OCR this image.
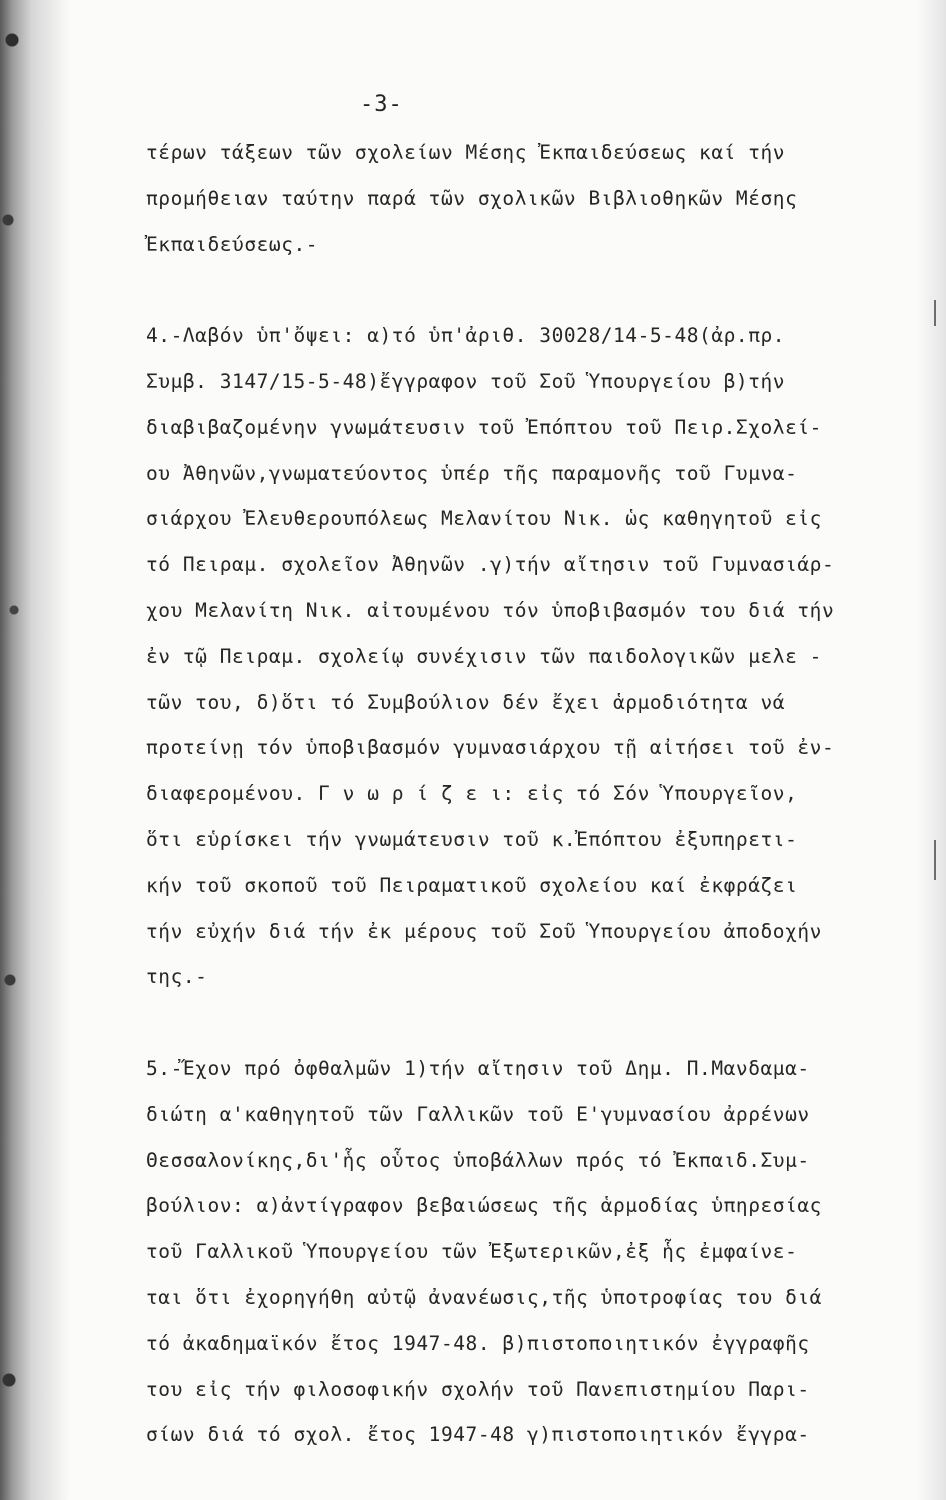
-3-
τέρων τάξεων τῶν σχολείων Μέσης Ἐκπαιδεύσεως καί τήν
προμήθειαν ταύτην παρά τῶν σχολικῶν Βιβλιοθηκῶν Μέσης
Ἐκπαιδεύσεως.-
4.-Λαβόν ὑπ'ὄψει: α)τό ὑπ'ἀριθ. 30028/14-5-48(ἀρ.πρ.
Συμβ. 3147/15-5-48)ἔγγραφον τοῦ Σοῦ Ὑπουργείου β)τήν
διαβιβαζομένην γνωμάτευσιν τοῦ Ἐπόπτου τοῦ Πειρ.Σχολεί-
ου Ἀθηνῶν,γνωματεύοντος ὑπέρ τῆς παραμονῆς τοῦ Γυμνα-
σιάρχου Ἐλευθερουπόλεως Μελανίτου Νικ. ὡς καθηγητοῦ εἰς
τό Πειραμ. σχολεῖον Ἀθηνῶν .γ)τήν αἴτησιν τοῦ Γυμνασιάρ-
χου Μελανίτη Νικ. αἰτουμένου τόν ὑποβιβασμόν του διά τήν
ἐν τῷ Πειραμ. σχολείῳ συνέχισιν τῶν παιδολογικῶν μελε -
τῶν του, δ)ὅτι τό Συμβούλιον δέν ἔχει ἁρμοδιότητα νά
προτείνῃ τόν ὑποβιβασμόν γυμνασιάρχου τῇ αἰτήσει τοῦ ἐν-
διαφερομένου. Γ ν ω ρ ί ζ ε ι: εἰς τό Σόν Ὑπουργεῖον,
ὅτι εὑρίσκει τήν γνωμάτευσιν τοῦ κ.Ἐπόπτου ἐξυπηρετι-
κήν τοῦ σκοποῦ τοῦ Πειραματικοῦ σχολείου καί ἐκφράζει
τήν εὐχήν διά τήν ἐκ μέρους τοῦ Σοῦ Ὑπουργείου ἀποδοχήν
της.-
5.-Ἔχον πρό ὀφθαλμῶν 1)τήν αἴτησιν τοῦ Δημ. Π.Μανδαμα-
διώτη α'καθηγητοῦ τῶν Γαλλικῶν τοῦ Ε'γυμνασίου ἀρρένων
Θεσσαλονίκης,δι'ἧς οὗτος ὑποβάλλων πρός τό Ἐκπαιδ.Συμ-
βούλιον: α)ἀντίγραφον βεβαιώσεως τῆς ἁρμοδίας ὑπηρεσίας
τοῦ Γαλλικοῦ Ὑπουργείου τῶν Ἐξωτερικῶν,ἐξ ἧς ἐμφαίνε-
ται ὅτι ἐχορηγήθη αὐτῷ ἀνανέωσις,τῆς ὑποτροφίας του διά
τό ἀκαδημαϊκόν ἔτος 1947-48. β)πιστοποιητικόν ἐγγραφῆς
του εἰς τήν φιλοσοφικήν σχολήν τοῦ Πανεπιστημίου Παρι-
σίων διά τό σχολ. ἔτος 1947-48 γ)πιστοποιητικόν ἔγγρα-
